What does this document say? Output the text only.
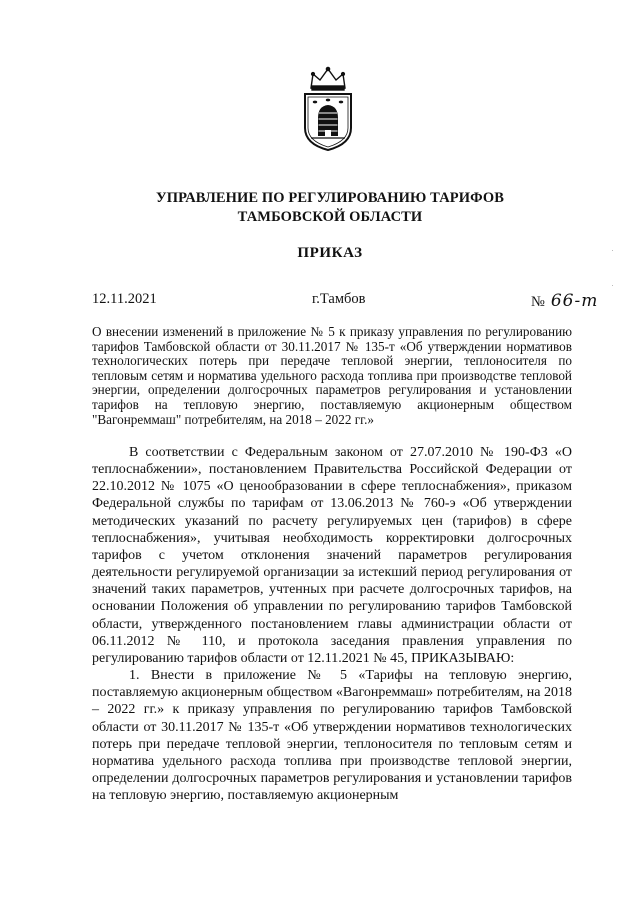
УПРАВЛЕНИЕ ПО РЕГУЛИРОВАНИЮ ТАРИФОВ
ТАМБОВСКОЙ ОБЛАСТИ
ПРИКАЗ
12.11.2021	г.Тамбов	№ 66-т
О внесении изменений в приложение № 5 к приказу управления по регулированию тарифов Тамбовской области от 30.11.2017 № 135-т «Об утверждении нормативов технологических потерь при передаче тепловой энергии, теплоносителя по тепловым сетям и норматива удельного расхода топлива при производстве тепловой энергии, определении долгосрочных параметров регулирования и установлении тарифов на тепловую энергию, поставляемую акционерным обществом "Вагонреммаш" потребителям, на 2018 – 2022 гг.»

В соответствии с Федеральным законом от 27.07.2010 № 190-ФЗ «О теплоснабжении», постановлением Правительства Российской Федерации от 22.10.2012 № 1075 «О ценообразовании в сфере теплоснабжения», приказом Федеральной службы по тарифам от 13.06.2013 № 760-э «Об утверждении методических указаний по расчету регулируемых цен (тарифов) в сфере теплоснабжения», учитывая необходимость корректировки долгосрочных тарифов с учетом отклонения значений параметров регулирования деятельности регулируемой организации за истекший период регулирования от значений таких параметров, учтенных при расчете долгосрочных тарифов, на основании Положения об управлении по регулированию тарифов Тамбовской области, утвержденного постановлением главы администрации области от 06.11.2012 № 110, и протокола заседания правления управления по регулированию тарифов области от 12.11.2021 № 45, ПРИКАЗЫВАЮ:

1. Внести в приложение № 5 «Тарифы на тепловую энергию, поставляемую акционерным обществом «Вагонреммаш» потребителям, на 2018 – 2022 гг.» к приказу управления по регулированию тарифов Тамбовской области от 30.11.2017 № 135-т «Об утверждении нормативов технологических потерь при передаче тепловой энергии, теплоносителя по тепловым сетям и норматива удельного расхода топлива при производстве тепловой энергии, определении долгосрочных параметров регулирования и установлении тарифов на тепловую энергию, поставляемую акционерным
